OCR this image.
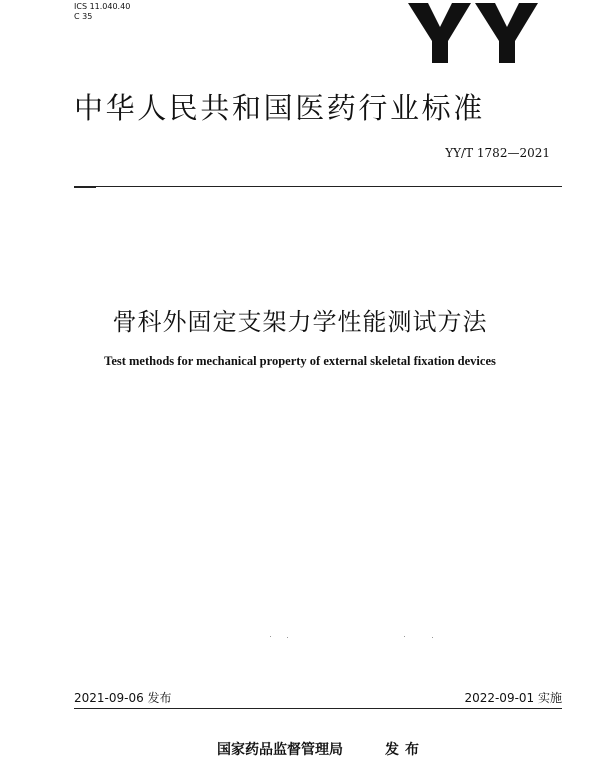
ICS 11.040.40
C 35
YY
中华人民共和国医药行业标准
YY/T 1782—2021
骨科外固定支架力学性能测试方法
Test methods for mechanical property of external skeletal fixation devices
2021-09-06 发布	2022-09-01 实施
国家药品监督管理局	发布
